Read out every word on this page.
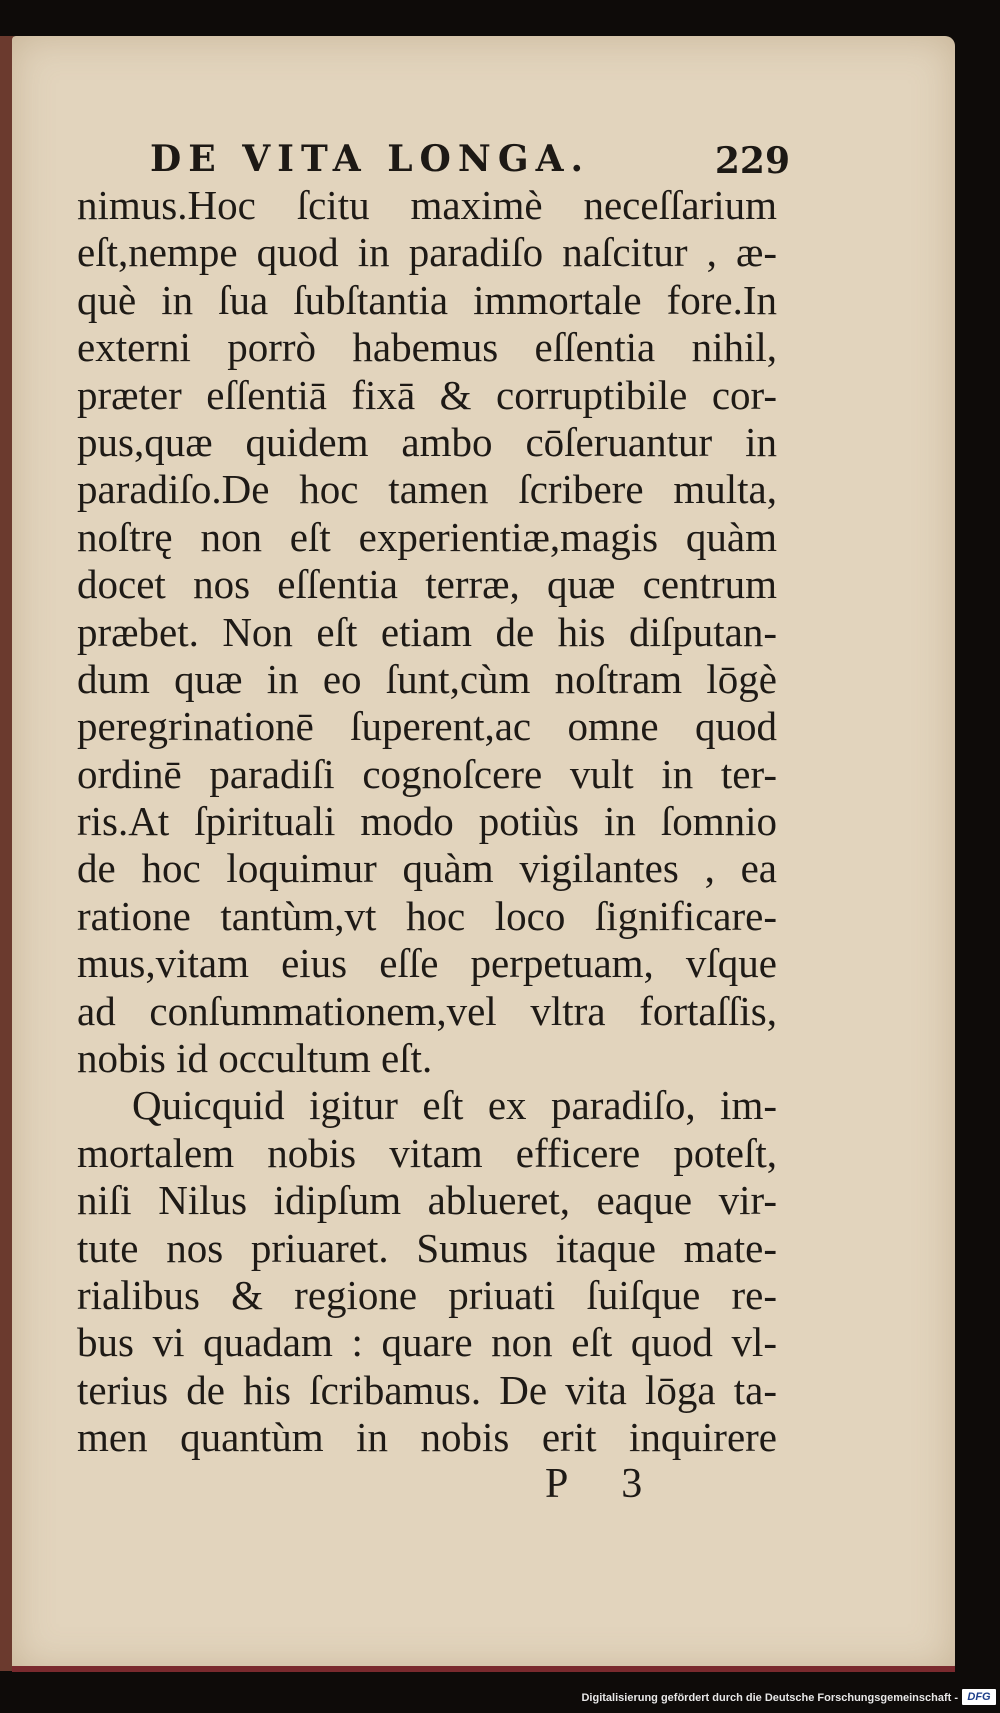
DE VITA LONGA.	229
nimus.Hoc ſcitu maximè neceſſarium
eſt,nempe quod in paradiſo naſcitur , æ-
què in ſua ſubſtantia immortale fore.In
externi porrò habemus eſſentia nihil,
præter eſſentiā fixā & corruptibile cor-
pus,quæ quidem ambo cōſeruantur in
paradiſo.De hoc tamen ſcribere multa,
noſtrę non eſt experientiæ,magis quàm
docet nos eſſentia terræ, quæ centrum
præbet. Non eſt etiam de his diſputan-
dum quæ in eo ſunt,cùm noſtram lōgè
peregrinationē ſuperent,ac omne quod
ordinē paradiſi cognoſcere vult in ter-
ris.At ſpirituali modo potiùs in ſomnio
de hoc loquimur quàm vigilantes , ea
ratione tantùm,vt hoc loco ſignificare-
mus,vitam eius eſſe perpetuam, vſque
ad conſummationem,vel vltra fortaſſis,
nobis id occultum eſt.
Quicquid igitur eſt ex paradiſo, im-
mortalem nobis vitam efficere poteſt,
niſi Nilus idipſum ablueret, eaque vir-
tute nos priuaret. Sumus itaque mate-
rialibus & regione priuati ſuiſque re-
bus vi quadam : quare non eſt quod vl-
terius de his ſcribamus. De vita lōga ta-
men quantùm in nobis erit inquirere
P 3
Digitalisierung gefördert durch die Deutsche Forschungsgemeinschaft - DFG
